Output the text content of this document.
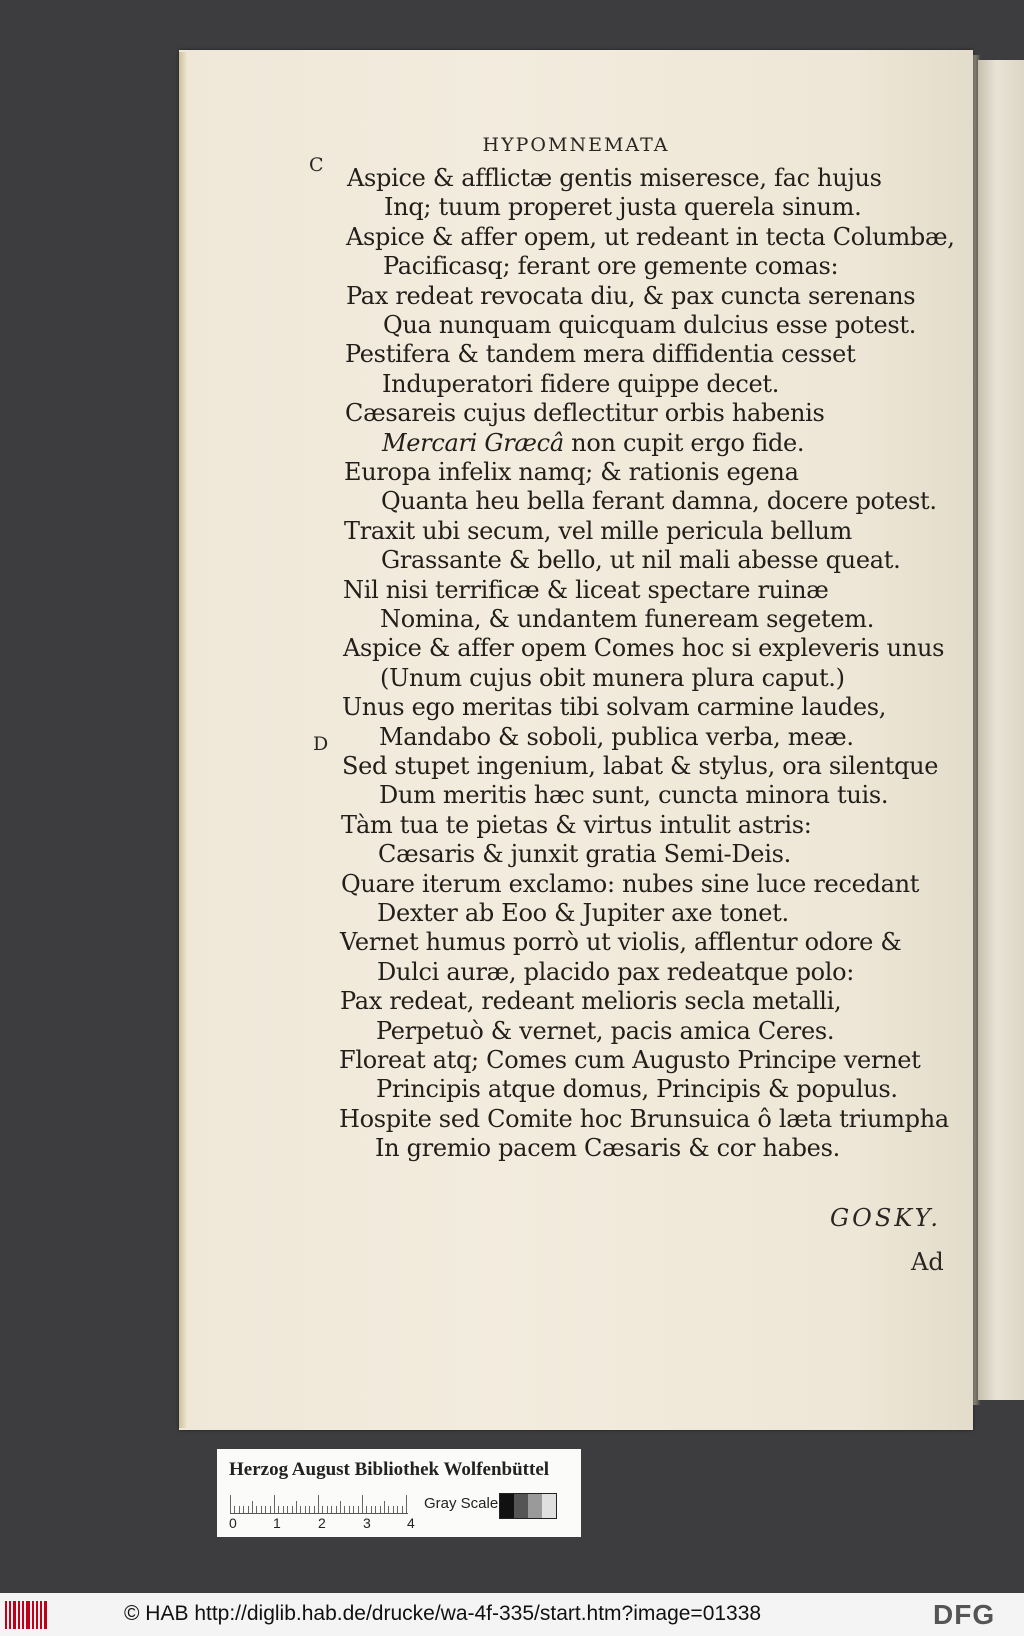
HYPOMNEMATA
C
D
Aspice & afflictæ gentis miseresce, fac hujus
Inq; tuum properet justa querela sinum.
Aspice & affer opem, ut redeant in tecta Columbæ,
Pacificasq; ferant ore gemente comas:
Pax redeat revocata diu, & pax cuncta serenans
Qua nunquam quicquam dulcius esse potest.
Pestifera & tandem mera diffidentia cesset
Induperatori fidere quippe decet.
Cæsareis cujus deflectitur orbis habenis
Mercari Græcâ non cupit ergo fide.
Europa infelix namq; & rationis egena
Quanta heu bella ferant damna, docere potest.
Traxit ubi secum, vel mille pericula bellum
Grassante & bello, ut nil mali abesse queat.
Nil nisi terrificæ & liceat spectare ruinæ
Nomina, & undantem funeream segetem.
Aspice & affer opem Comes hoc si expleveris unus
(Unum cujus obit munera plura caput.)
Unus ego meritas tibi solvam carmine laudes,
Mandabo & soboli, publica verba, meæ.
Sed stupet ingenium, labat & stylus, ora silentque
Dum meritis hæc sunt, cuncta minora tuis.
Tàm tua te pietas & virtus intulit astris:
Cæsaris & junxit gratia Semi-Deis.
Quare iterum exclamo: nubes sine luce recedant
Dexter ab Eoo & Jupiter axe tonet.
Vernet humus porrò ut violis, afflentur odore &
Dulci auræ, placido pax redeatque polo:
Pax redeat, redeant melioris secla metalli,
Perpetuò & vernet, pacis amica Ceres.
Floreat atq; Comes cum Augusto Principe vernet
Principis atque domus, Principis & populus.
Hospite sed Comite hoc Brunsuica ô læta triumpha
In gremio pacem Cæsaris & cor habes.
GOSKY.
Ad
Herzog August Bibliothek Wolfenbüttel
0	1	2	3	4
Gray Scale
© HAB http://diglib.hab.de/drucke/wa-4f-335/start.htm?image=01338	DFG
